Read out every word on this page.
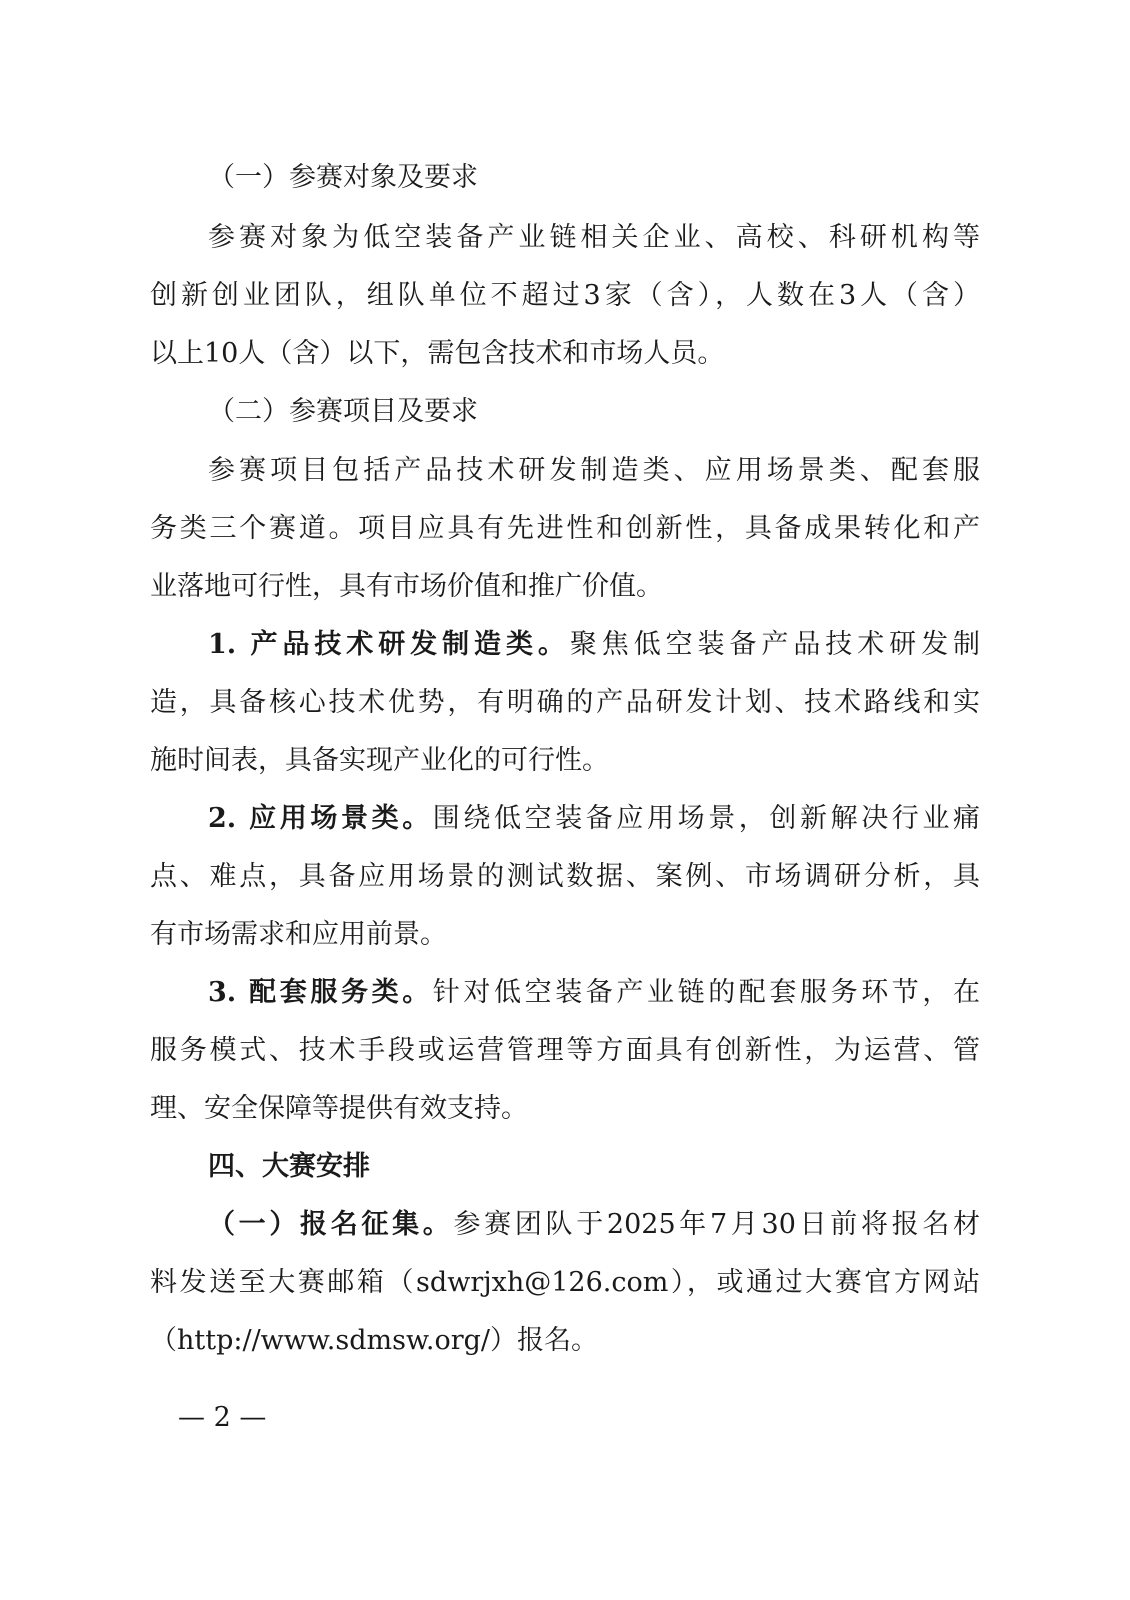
（一）参赛对象及要求
参赛对象为低空装备产业链相关企业、高校、科研机构等
创新创业团队，组队单位不超过3家（含），人数在3人（含）
以上10人（含）以下，需包含技术和市场人员。
（二）参赛项目及要求
参赛项目包括产品技术研发制造类、应用场景类、配套服
务类三个赛道。项目应具有先进性和创新性，具备成果转化和产
业落地可行性，具有市场价值和推广价值。
1. 产品技术研发制造类。聚焦低空装备产品技术研发制
造，具备核心技术优势，有明确的产品研发计划、技术路线和实
施时间表，具备实现产业化的可行性。
2. 应用场景类。围绕低空装备应用场景，创新解决行业痛
点、难点，具备应用场景的测试数据、案例、市场调研分析，具
有市场需求和应用前景。
3. 配套服务类。针对低空装备产业链的配套服务环节，在
服务模式、技术手段或运营管理等方面具有创新性，为运营、管
理、安全保障等提供有效支持。
四、大赛安排
（一）报名征集。参赛团队于2025年7月30日前将报名材
料发送至大赛邮箱（sdwrjxh@126.com），或通过大赛官方网站
（http://www.sdmsw.org/）报名。
— 2 —
